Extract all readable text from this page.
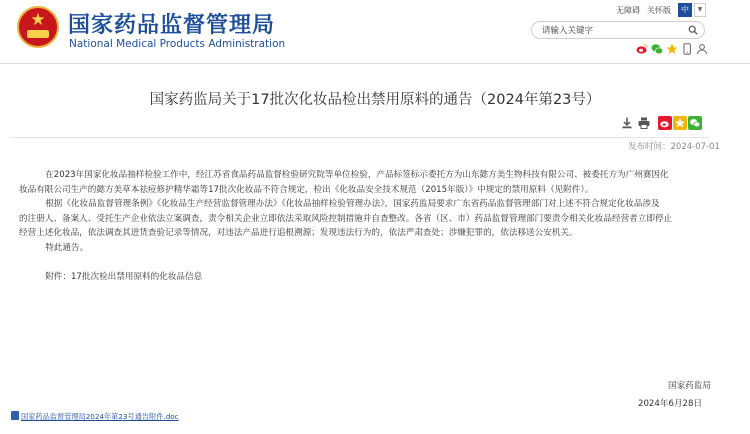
★	国家药品监督管理局
National Medical Products Administration
无障碍 关怀版	中	▼
请输入关键字
国家药监局关于17批次化妆品检出禁用原料的通告（2024年第23号）
发布时间：2024-07-01

在2023年国家化妆品抽样检验工作中，经江苏省食品药品监督检验研究院等单位检验，产品标签标示委托方为山东懿方美生物科技有限公司、被委托方为广州赛因化

妆品有限公司生产的懿方美草本祛痘修护精华霜等17批次化妆品不符合规定，检出《化妆品安全技术规范（2015年版）》中规定的禁用原料（见附件）。

根据《化妆品监督管理条例》《化妆品生产经营监督管理办法》《化妆品抽样检验管理办法》，国家药监局要求广东省药品监督管理部门对上述不符合规定化妆品涉及

的注册人、备案人、受托生产企业依法立案调查，责令相关企业立即依法采取风险控制措施并自查整改。各省（区、市）药品监督管理部门要责令相关化妆品经营者立即停止

经营上述化妆品，依法调查其进货查验记录等情况，对违法产品进行追根溯源；发现违法行为的，依法严肃查处；涉嫌犯罪的，依法移送公安机关。

特此通告。

附件：17批次检出禁用原料的化妆品信息

国家药监局
2024年6月28日
国家药品监督管理局2024年第23号通告附件.doc
